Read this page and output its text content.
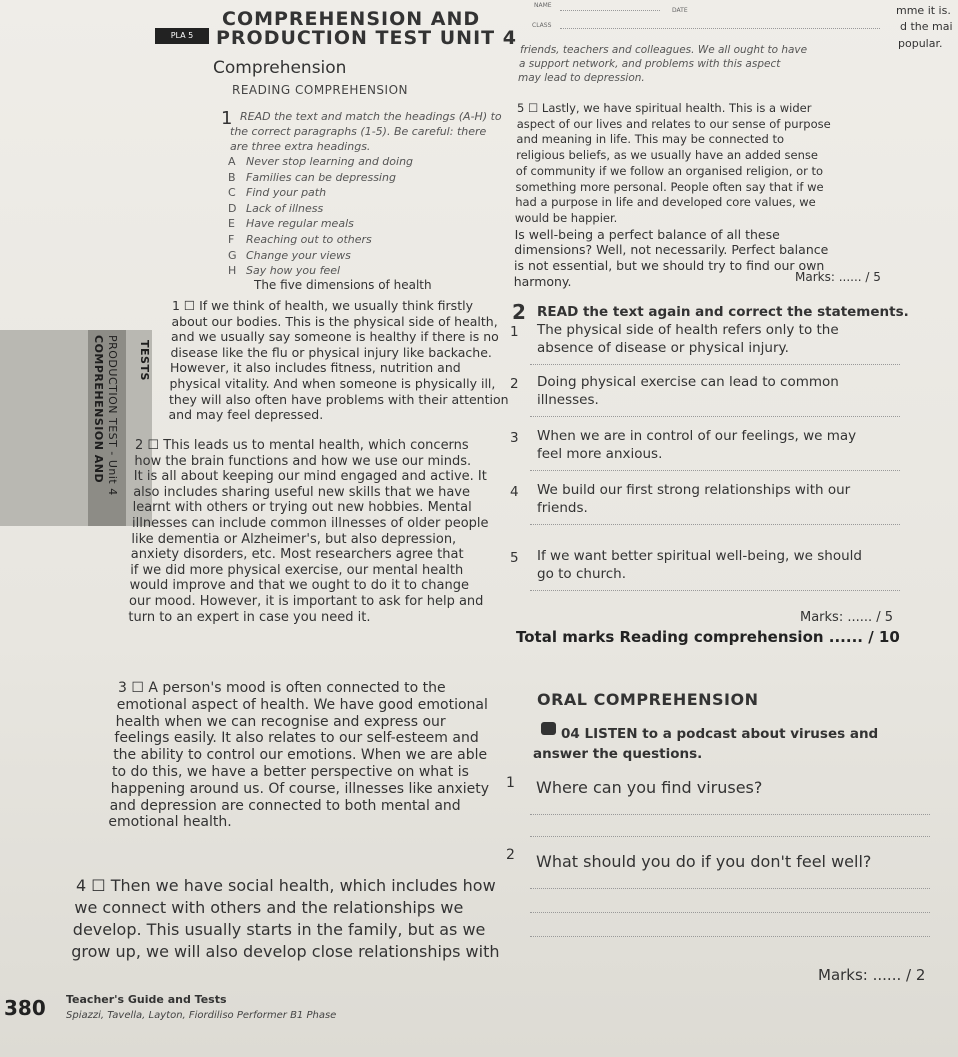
TESTS
COMPREHENSION AND PRODUCTION TEST - Unit 4
PLA 5
COMPREHENSION AND
PRODUCTION TEST UNIT 4
NAME
CLASS
DATE	mme it is.
d the mai
popular.
Comprehension
READING COMPREHENSION
1 READ the text and match the headings (A-H) to
the correct paragraphs (1-5). Be careful: there
are three extra headings.
A Never stop learning and doing
B Families can be depressing
C Find your path
D Lack of illness
E Have regular meals
F Reaching out to others
G Change your views
H Say how you feel
The five dimensions of health
1 ☐ If we think of health, we usually think firstly
about our bodies. This is the physical side of health,
and we usually say someone is healthy if there is no
disease like the flu or physical injury like backache.
However, it also includes fitness, nutrition and
physical vitality. And when someone is physically ill,
they will also often have problems with their attention
and may feel depressed.
2 ☐ This leads us to mental health, which concerns
how the brain functions and how we use our minds.
It is all about keeping our mind engaged and active. It
also includes sharing useful new skills that we have
learnt with others or trying out new hobbies. Mental
illnesses can include common illnesses of older people
like dementia or Alzheimer's, but also depression,
anxiety disorders, etc. Most researchers agree that
if we did more physical exercise, our mental health
would improve and that we ought to do it to change
our mood. However, it is important to ask for help and
turn to an expert in case you need it.
3 ☐ A person's mood is often connected to the
emotional aspect of health. We have good emotional
health when we can recognise and express our
feelings easily. It also relates to our self-esteem and
the ability to control our emotions. When we are able
to do this, we have a better perspective on what is
happening around us. Of course, illnesses like anxiety
and depression are connected to both mental and
emotional health.
4 ☐ Then we have social health, which includes how
we connect with others and the relationships we
develop. This usually starts in the family, but as we
grow up, we will also develop close relationships with
friends, teachers and colleagues. We all ought to have
a support network, and problems with this aspect
may lead to depression.
5 ☐ Lastly, we have spiritual health. This is a wider
aspect of our lives and relates to our sense of purpose
and meaning in life. This may be connected to
religious beliefs, as we usually have an added sense
of community if we follow an organised religion, or to
something more personal. People often say that if we
had a purpose in life and developed core values, we
would be happier.
Is well-being a perfect balance of all these
dimensions? Well, not necessarily. Perfect balance
is not essential, but we should try to find our own
harmony.	Marks: ...... / 5
2 READ the text again and correct the statements.
1 The physical side of health refers only to the
absence of disease or physical injury.
2 Doing physical exercise can lead to common
illnesses.
3 When we are in control of our feelings, we may
feel more anxious.
4 We build our first strong relationships with our
friends.
5 If we want better spiritual well-being, we should
go to church.
Marks: ...... / 5
Total marks Reading comprehension ...... / 10
ORAL COMPREHENSION
04 LISTEN to a podcast about viruses and
answer the questions.
1 Where can you find viruses?
2 What should you do if you don't feel well?
Marks: ...... / 2
380 Teacher's Guide and Tests
Spiazzi, Tavella, Layton, Fiordiliso Performer B1 Phase
